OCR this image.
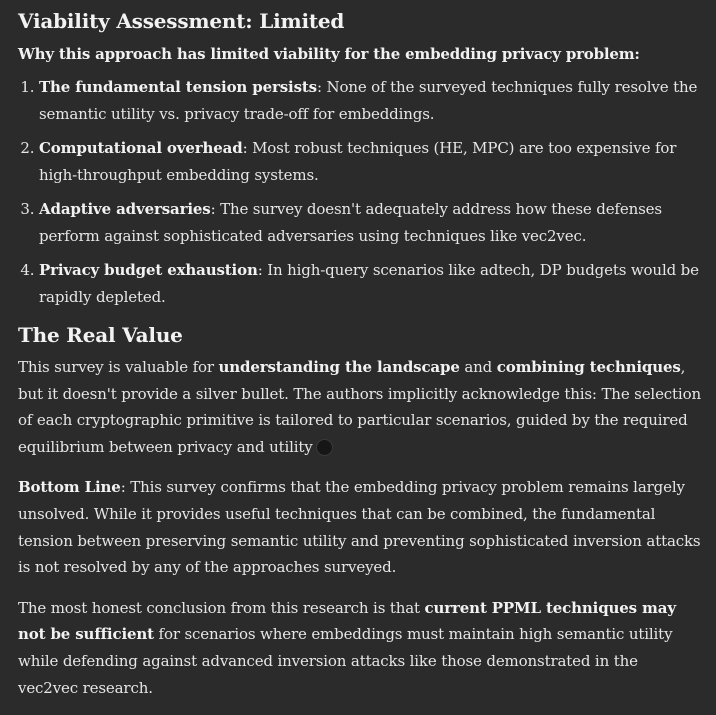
Viability Assessment: Limited
Why this approach has limited viability for the embedding privacy problem:
1. The fundamental tension persists: None of the surveyed techniques fully resolve the semantic utility vs. privacy trade-off for embeddings.
2. Computational overhead: Most robust techniques (HE, MPC) are too expensive for high-throughput embedding systems.
3. Adaptive adversaries: The survey doesn't adequately address how these defenses perform against sophisticated adversaries using techniques like vec2vec.
4. Privacy budget exhaustion: In high-query scenarios like adtech, DP budgets would be rapidly depleted.
The Real Value

This survey is valuable for understanding the landscape and combining techniques, but it doesn't provide a silver bullet. The authors implicitly acknowledge this: The selection of each cryptographic primitive is tailored to particular scenarios, guided by the required equilibrium between privacy and utility

Bottom Line: This survey confirms that the embedding privacy problem remains largely unsolved. While it provides useful techniques that can be combined, the fundamental tension between preserving semantic utility and preventing sophisticated inversion attacks is not resolved by any of the approaches surveyed.

The most honest conclusion from this research is that current PPML techniques may not be sufficient for scenarios where embeddings must maintain high semantic utility while defending against advanced inversion attacks like those demonstrated in the vec2vec research.
